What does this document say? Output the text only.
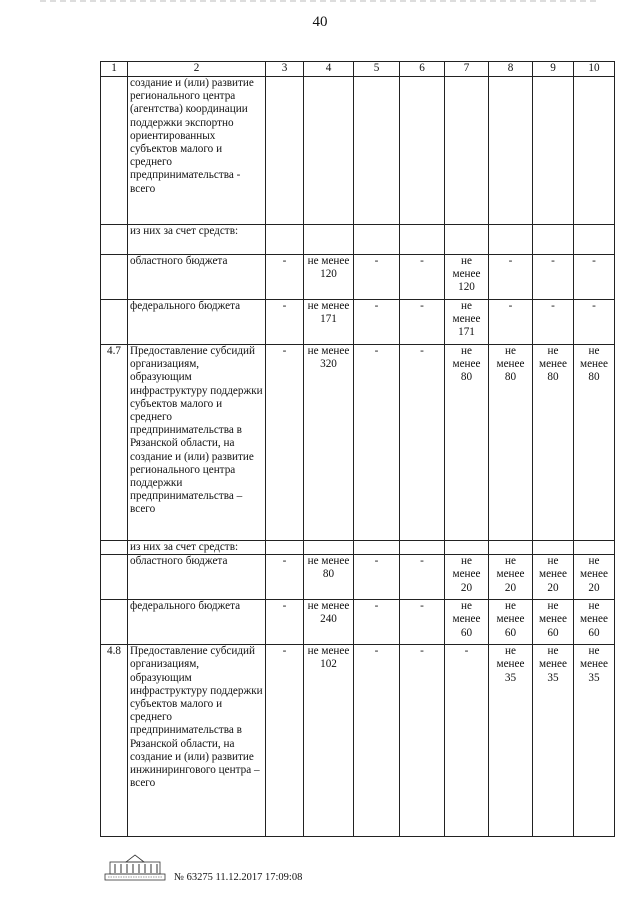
40
1	2	3	4	5	6	7	8	9	10
	создание и (или) развитие регионального центра (агентства) координации поддержки экспортно ориентированных субъектов малого и среднего предпринимательства - всего								
	из них за счет средств:								
	областного бюджета	-	не менее 120	-	-	не менее 120	-	-	-
	федерального бюджета	-	не менее 171	-	-	не менее 171	-	-	-
4.7	Предоставление субсидий организациям, образующим инфраструктуру поддержки субъектов малого и среднего предпринимательства в Рязанской области, на создание и (или) развитие регионального центра поддержки предпринимательства – всего	-	не менее 320	-	-	не менее 80	не менее 80	не менее 80	не менее 80
	из них за счет средств:								
	областного бюджета	-	не менее 80	-	-	не менее 20	не менее 20	не менее 20	не менее 20
	федерального бюджета	-	не менее 240	-	-	не менее 60	не менее 60	не менее 60	не менее 60
4.8	Предоставление субсидий организациям, образующим инфраструктуру поддержки субъектов малого и среднего предпринимательства в Рязанской области, на создание и (или) развитие инжинирингового центра – всего	-	не менее 102	-	-	-	не менее 35	не менее 35	не менее 35
№ 63275 11.12.2017 17:09:08
